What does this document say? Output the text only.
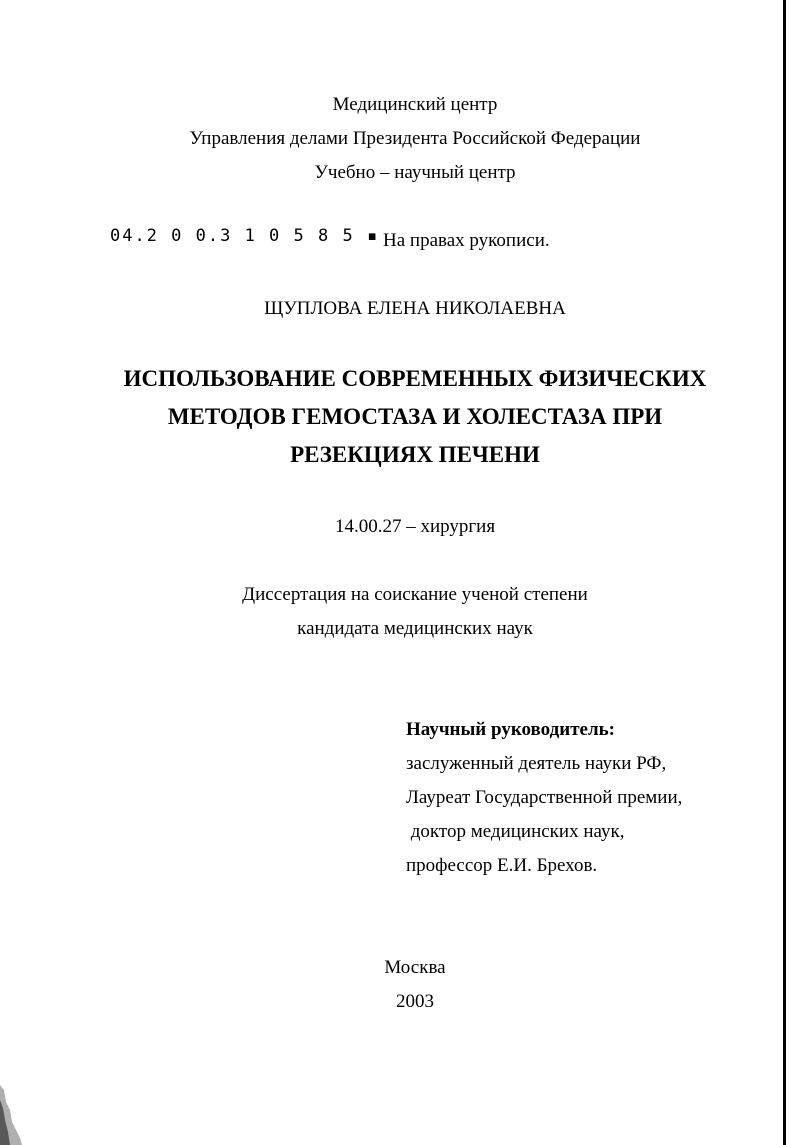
Медицинский центр
Управления делами Президента Российской Федерации
Учебно – научный центр
04.2 0 0.3 1 0 5 8 5 ▪ На правах рукописи.
ЩУПЛОВА ЕЛЕНА НИКОЛАЕВНА
ИСПОЛЬЗОВАНИЕ СОВРЕМЕННЫХ ФИЗИЧЕСКИХ
МЕТОДОВ ГЕМОСТАЗА И ХОЛЕСТАЗА ПРИ
РЕЗЕКЦИЯХ ПЕЧЕНИ
14.00.27 – хирургия
Диссертация на соискание ученой степени
кандидата медицинских наук
Научный руководитель:
заслуженный деятель науки РФ,
Лауреат Государственной премии,
доктор медицинских наук,
профессор Е.И. Брехов.
Москва
2003
